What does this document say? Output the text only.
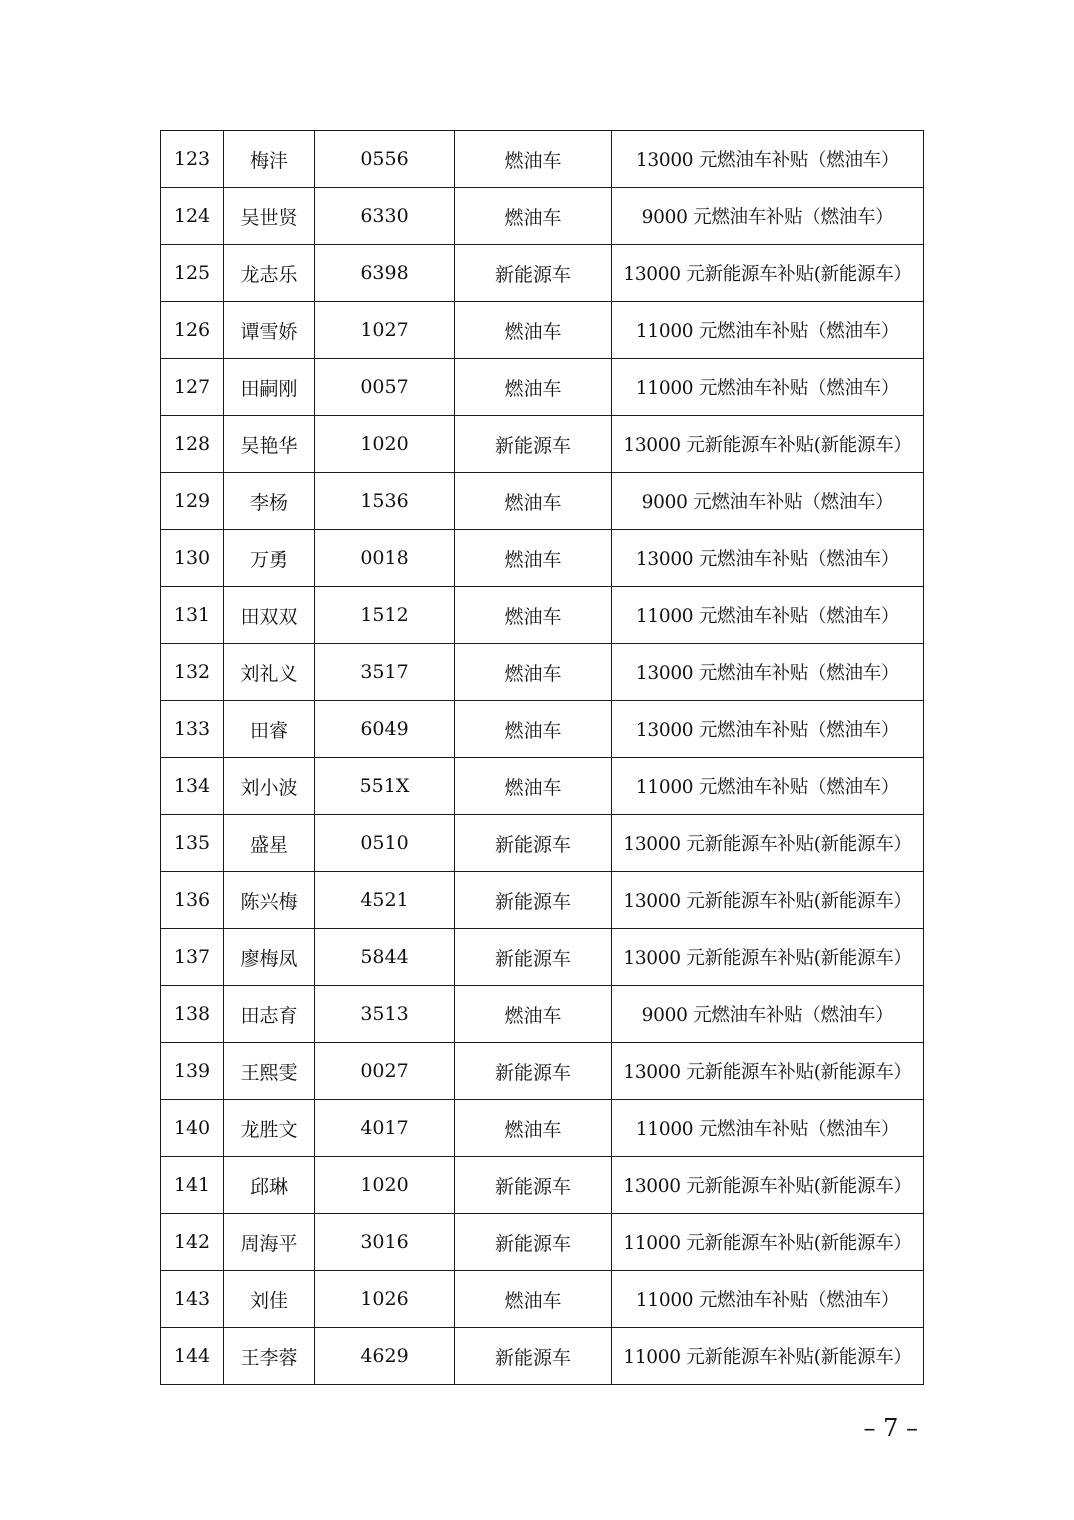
123	梅沣	0556	燃油车	13000 元燃油车补贴（燃油车）
124	吴世贤	6330	燃油车	9000 元燃油车补贴（燃油车）
125	龙志乐	6398	新能源车	13000 元新能源车补贴(新能源车）
126	谭雪娇	1027	燃油车	11000 元燃油车补贴（燃油车）
127	田嗣刚	0057	燃油车	11000 元燃油车补贴（燃油车）
128	吴艳华	1020	新能源车	13000 元新能源车补贴(新能源车）
129	李杨	1536	燃油车	9000 元燃油车补贴（燃油车）
130	万勇	0018	燃油车	13000 元燃油车补贴（燃油车）
131	田双双	1512	燃油车	11000 元燃油车补贴（燃油车）
132	刘礼义	3517	燃油车	13000 元燃油车补贴（燃油车）
133	田睿	6049	燃油车	13000 元燃油车补贴（燃油车）
134	刘小波	551X	燃油车	11000 元燃油车补贴（燃油车）
135	盛星	0510	新能源车	13000 元新能源车补贴(新能源车）
136	陈兴梅	4521	新能源车	13000 元新能源车补贴(新能源车）
137	廖梅凤	5844	新能源车	13000 元新能源车补贴(新能源车）
138	田志育	3513	燃油车	9000 元燃油车补贴（燃油车）
139	王熙雯	0027	新能源车	13000 元新能源车补贴(新能源车）
140	龙胜文	4017	燃油车	11000 元燃油车补贴（燃油车）
141	邱琳	1020	新能源车	13000 元新能源车补贴(新能源车）
142	周海平	3016	新能源车	11000 元新能源车补贴(新能源车）
143	刘佳	1026	燃油车	11000 元燃油车补贴（燃油车）
144	王李蓉	4629	新能源车	11000 元新能源车补贴(新能源车）
– 7 –
